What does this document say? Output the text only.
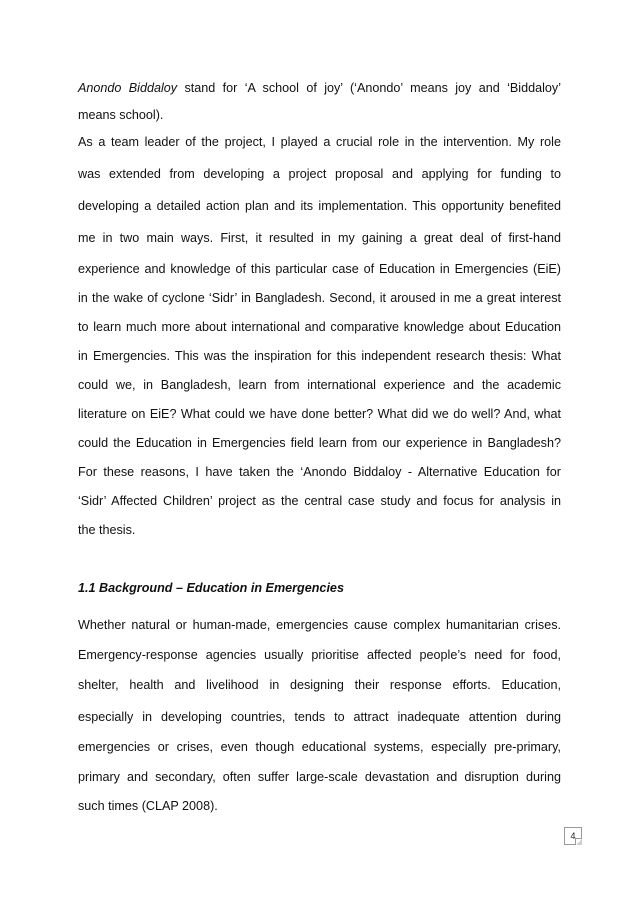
Anondo Biddaloy stand for ‘A school of joy’ (‘Anondo’ means joy and ‘Biddaloy’
means school).
As a team leader of the project, I played a crucial role in the intervention. My role
was extended from developing a project proposal and applying for funding to
developing a detailed action plan and its implementation. This opportunity benefited
me in two main ways. First, it resulted in my gaining a great deal of first-hand
experience and knowledge of this particular case of Education in Emergencies (EiE)
in the wake of cyclone ‘Sidr’ in Bangladesh. Second, it aroused in me a great interest
to learn much more about international and comparative knowledge about Education
in Emergencies. This was the inspiration for this independent research thesis: What
could we, in Bangladesh, learn from international experience and the academic
literature on EiE? What could we have done better? What did we do well? And, what
could the Education in Emergencies field learn from our experience in Bangladesh?
For these reasons, I have taken the ‘Anondo Biddaloy - Alternative Education for
‘Sidr’ Affected Children’ project as the central case study and focus for analysis in
the thesis.
1.1 Background – Education in Emergencies
Whether natural or human-made, emergencies cause complex humanitarian crises.
Emergency-response agencies usually prioritise affected people’s need for food,
shelter, health and livelihood in designing their response efforts. Education,
especially in developing countries, tends to attract inadequate attention during
emergencies or crises, even though educational systems, especially pre-primary,
primary and secondary, often suffer large-scale devastation and disruption during
such times (CLAP 2008).
4
